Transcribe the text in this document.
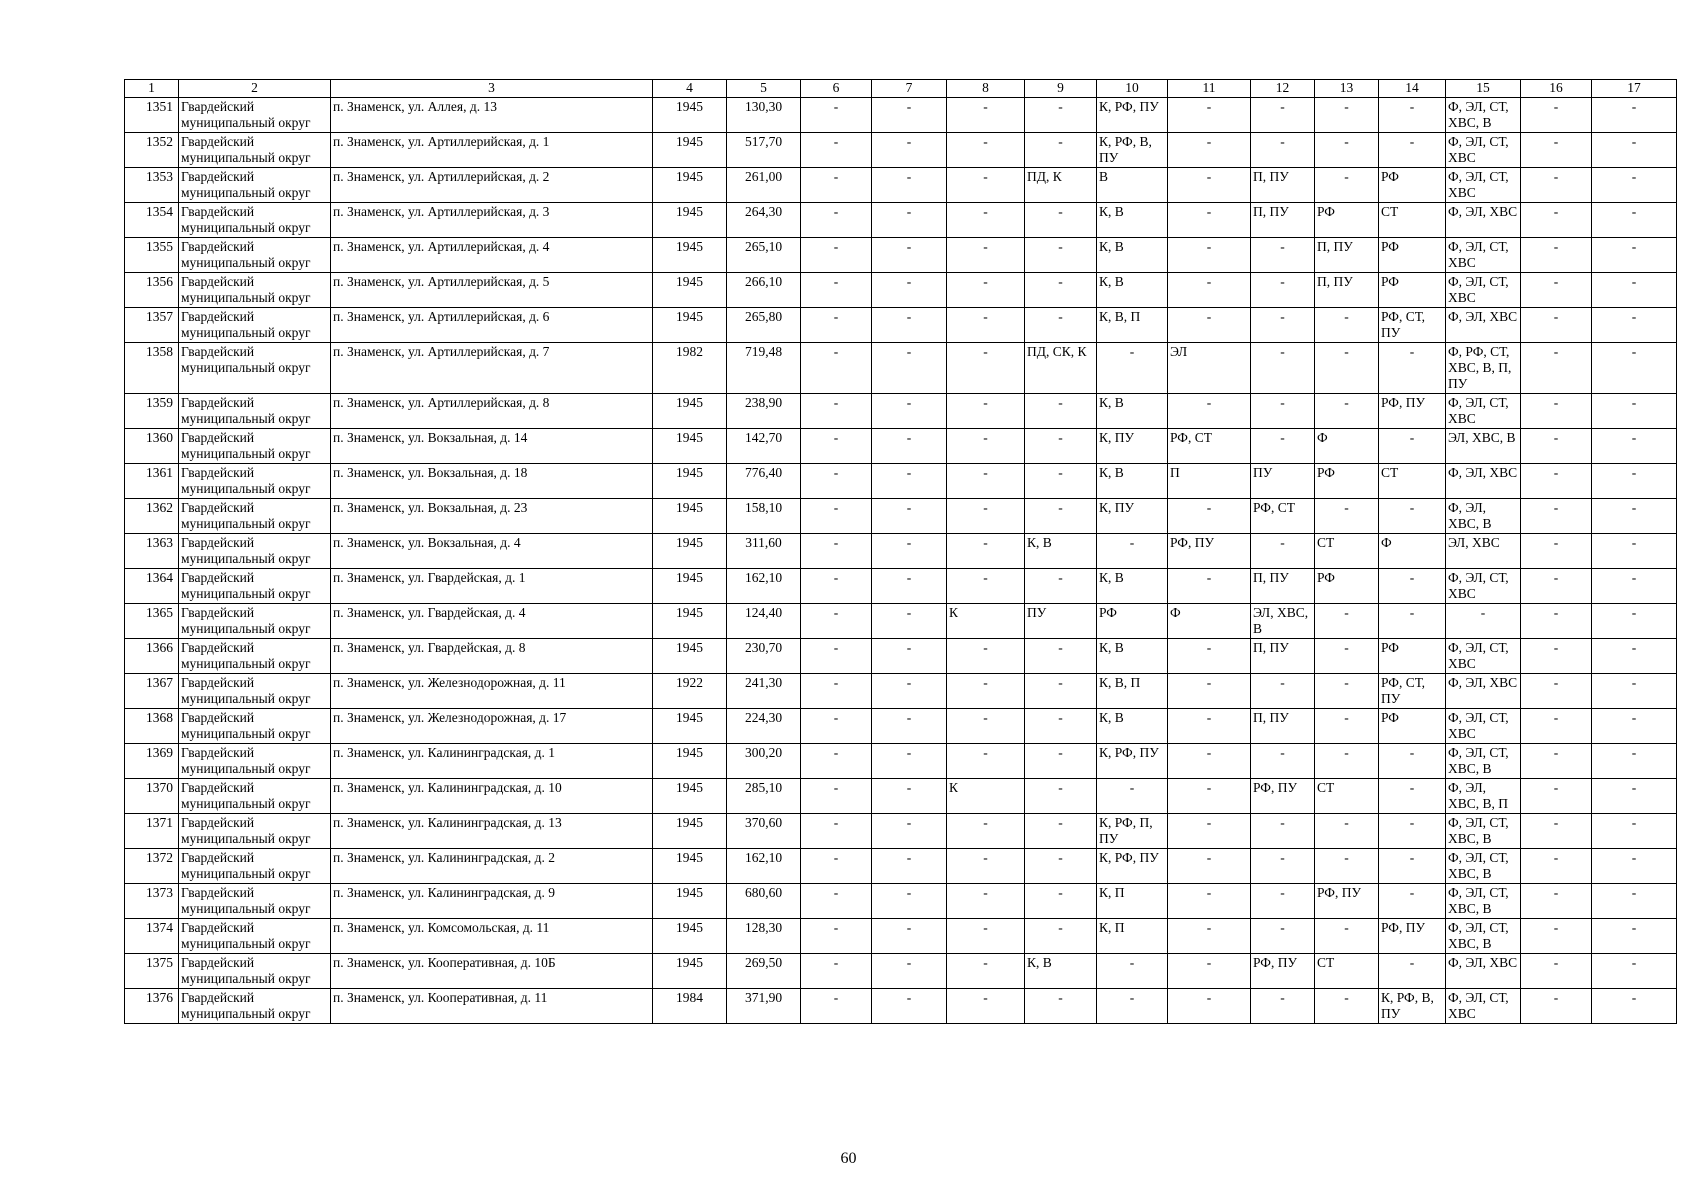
1	2	3	4	5	6	7	8	9	10	11	12	13	14	15	16	17
1351	Гвардейский муниципальный округ	п. Знаменск, ул. Аллея, д. 13	1945	130,30	-	-	-	-	К, РФ, ПУ	-	-	-	-	Ф, ЭЛ, СТ, ХВС, В	-	-
1352	Гвардейский муниципальный округ	п. Знаменск, ул. Артиллерийская, д. 1	1945	517,70	-	-	-	-	К, РФ, В, ПУ	-	-	-	-	Ф, ЭЛ, СТ, ХВС	-	-
1353	Гвардейский муниципальный округ	п. Знаменск, ул. Артиллерийская, д. 2	1945	261,00	-	-	-	ПД, К	В	-	П, ПУ	-	РФ	Ф, ЭЛ, СТ, ХВС	-	-
1354	Гвардейский муниципальный округ	п. Знаменск, ул. Артиллерийская, д. 3	1945	264,30	-	-	-	-	К, В	-	П, ПУ	РФ	СТ	Ф, ЭЛ, ХВС	-	-
1355	Гвардейский муниципальный округ	п. Знаменск, ул. Артиллерийская, д. 4	1945	265,10	-	-	-	-	К, В	-	-	П, ПУ	РФ	Ф, ЭЛ, СТ, ХВС	-	-
1356	Гвардейский муниципальный округ	п. Знаменск, ул. Артиллерийская, д. 5	1945	266,10	-	-	-	-	К, В	-	-	П, ПУ	РФ	Ф, ЭЛ, СТ, ХВС	-	-
1357	Гвардейский муниципальный округ	п. Знаменск, ул. Артиллерийская, д. 6	1945	265,80	-	-	-	-	К, В, П	-	-	-	РФ, СТ, ПУ	Ф, ЭЛ, ХВС	-	-
1358	Гвардейский муниципальный округ	п. Знаменск, ул. Артиллерийская, д. 7	1982	719,48	-	-	-	ПД, СК, К	-	ЭЛ	-	-	-	Ф, РФ, СТ, ХВС, В, П, ПУ	-	-
1359	Гвардейский муниципальный округ	п. Знаменск, ул. Артиллерийская, д. 8	1945	238,90	-	-	-	-	К, В	-	-	-	РФ, ПУ	Ф, ЭЛ, СТ, ХВС	-	-
1360	Гвардейский муниципальный округ	п. Знаменск, ул. Вокзальная, д. 14	1945	142,70	-	-	-	-	К, ПУ	РФ, СТ	-	Ф	-	ЭЛ, ХВС, В	-	-
1361	Гвардейский муниципальный округ	п. Знаменск, ул. Вокзальная, д. 18	1945	776,40	-	-	-	-	К, В	П	ПУ	РФ	СТ	Ф, ЭЛ, ХВС	-	-
1362	Гвардейский муниципальный округ	п. Знаменск, ул. Вокзальная, д. 23	1945	158,10	-	-	-	-	К, ПУ	-	РФ, СТ	-	-	Ф, ЭЛ, ХВС, В	-	-
1363	Гвардейский муниципальный округ	п. Знаменск, ул. Вокзальная, д. 4	1945	311,60	-	-	-	К, В	-	РФ, ПУ	-	СТ	Ф	ЭЛ, ХВС	-	-
1364	Гвардейский муниципальный округ	п. Знаменск, ул. Гвардейская, д. 1	1945	162,10	-	-	-	-	К, В	-	П, ПУ	РФ	-	Ф, ЭЛ, СТ, ХВС	-	-
1365	Гвардейский муниципальный округ	п. Знаменск, ул. Гвардейская, д. 4	1945	124,40	-	-	К	ПУ	РФ	Ф	ЭЛ, ХВС, В	-	-	-	-	-
1366	Гвардейский муниципальный округ	п. Знаменск, ул. Гвардейская, д. 8	1945	230,70	-	-	-	-	К, В	-	П, ПУ	-	РФ	Ф, ЭЛ, СТ, ХВС	-	-
1367	Гвардейский муниципальный округ	п. Знаменск, ул. Железнодорожная, д. 11	1922	241,30	-	-	-	-	К, В, П	-	-	-	РФ, СТ, ПУ	Ф, ЭЛ, ХВС	-	-
1368	Гвардейский муниципальный округ	п. Знаменск, ул. Железнодорожная, д. 17	1945	224,30	-	-	-	-	К, В	-	П, ПУ	-	РФ	Ф, ЭЛ, СТ, ХВС	-	-
1369	Гвардейский муниципальный округ	п. Знаменск, ул. Калининградская, д. 1	1945	300,20	-	-	-	-	К, РФ, ПУ	-	-	-	-	Ф, ЭЛ, СТ, ХВС, В	-	-
1370	Гвардейский муниципальный округ	п. Знаменск, ул. Калининградская, д. 10	1945	285,10	-	-	К	-	-	-	РФ, ПУ	СТ	-	Ф, ЭЛ, ХВС, В, П	-	-
1371	Гвардейский муниципальный округ	п. Знаменск, ул. Калининградская, д. 13	1945	370,60	-	-	-	-	К, РФ, П, ПУ	-	-	-	-	Ф, ЭЛ, СТ, ХВС, В	-	-
1372	Гвардейский муниципальный округ	п. Знаменск, ул. Калининградская, д. 2	1945	162,10	-	-	-	-	К, РФ, ПУ	-	-	-	-	Ф, ЭЛ, СТ, ХВС, В	-	-
1373	Гвардейский муниципальный округ	п. Знаменск, ул. Калининградская, д. 9	1945	680,60	-	-	-	-	К, П	-	-	РФ, ПУ	-	Ф, ЭЛ, СТ, ХВС, В	-	-
1374	Гвардейский муниципальный округ	п. Знаменск, ул. Комсомольская, д. 11	1945	128,30	-	-	-	-	К, П	-	-	-	РФ, ПУ	Ф, ЭЛ, СТ, ХВС, В	-	-
1375	Гвардейский муниципальный округ	п. Знаменск, ул. Кооперативная, д. 10Б	1945	269,50	-	-	-	К, В	-	-	РФ, ПУ	СТ	-	Ф, ЭЛ, ХВС	-	-
1376	Гвардейский муниципальный округ	п. Знаменск, ул. Кооперативная, д. 11	1984	371,90	-	-	-	-	-	-	-	-	К, РФ, В, ПУ	Ф, ЭЛ, СТ, ХВС	-	-
60
